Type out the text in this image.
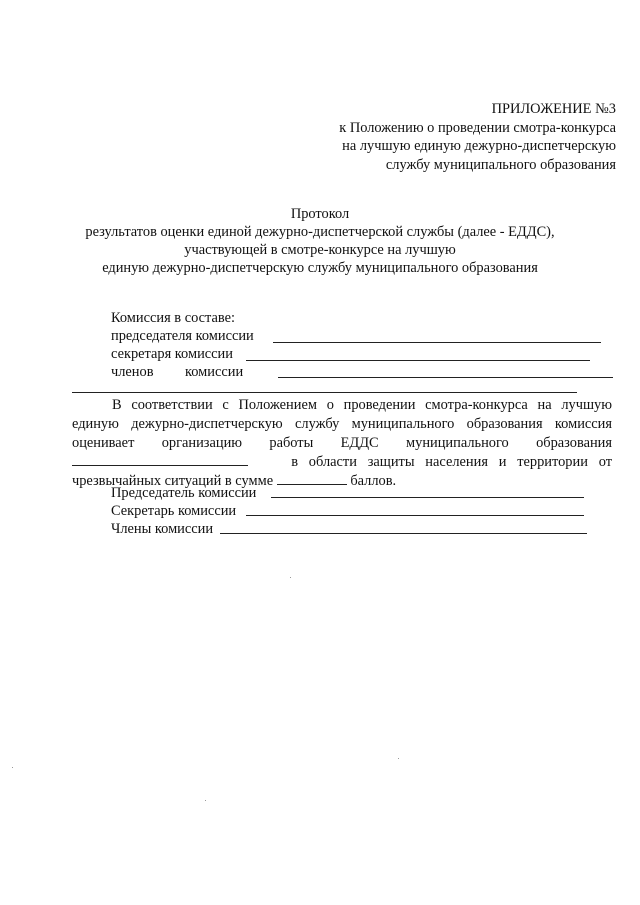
ПРИЛОЖЕНИЕ №3
к Положению о проведении смотра-конкурса
на лучшую единую дежурно-диспетчерскую
службу муниципального образования
Протокол
результатов оценки единой дежурно-диспетчерской службы (далее - ЕДДС),
участвующей в смотре-конкурсе на лучшую
единую дежурно-диспетчерскую службу муниципального образования
Комиссия в составе:
председателя комиссии
секретаря комиссии
членов комиссии
В соответствии с Положением о проведении смотра-конкурса на лучшую
единую дежурно-диспетчерскую службу муниципального образования комиссия
оценивает организацию работы ЕДДС муниципального образования
в области защиты населения и территории от
чрезвычайных ситуаций в сумме	баллов.
Председатель комиссии
Секретарь комиссии
Члены комиссии
